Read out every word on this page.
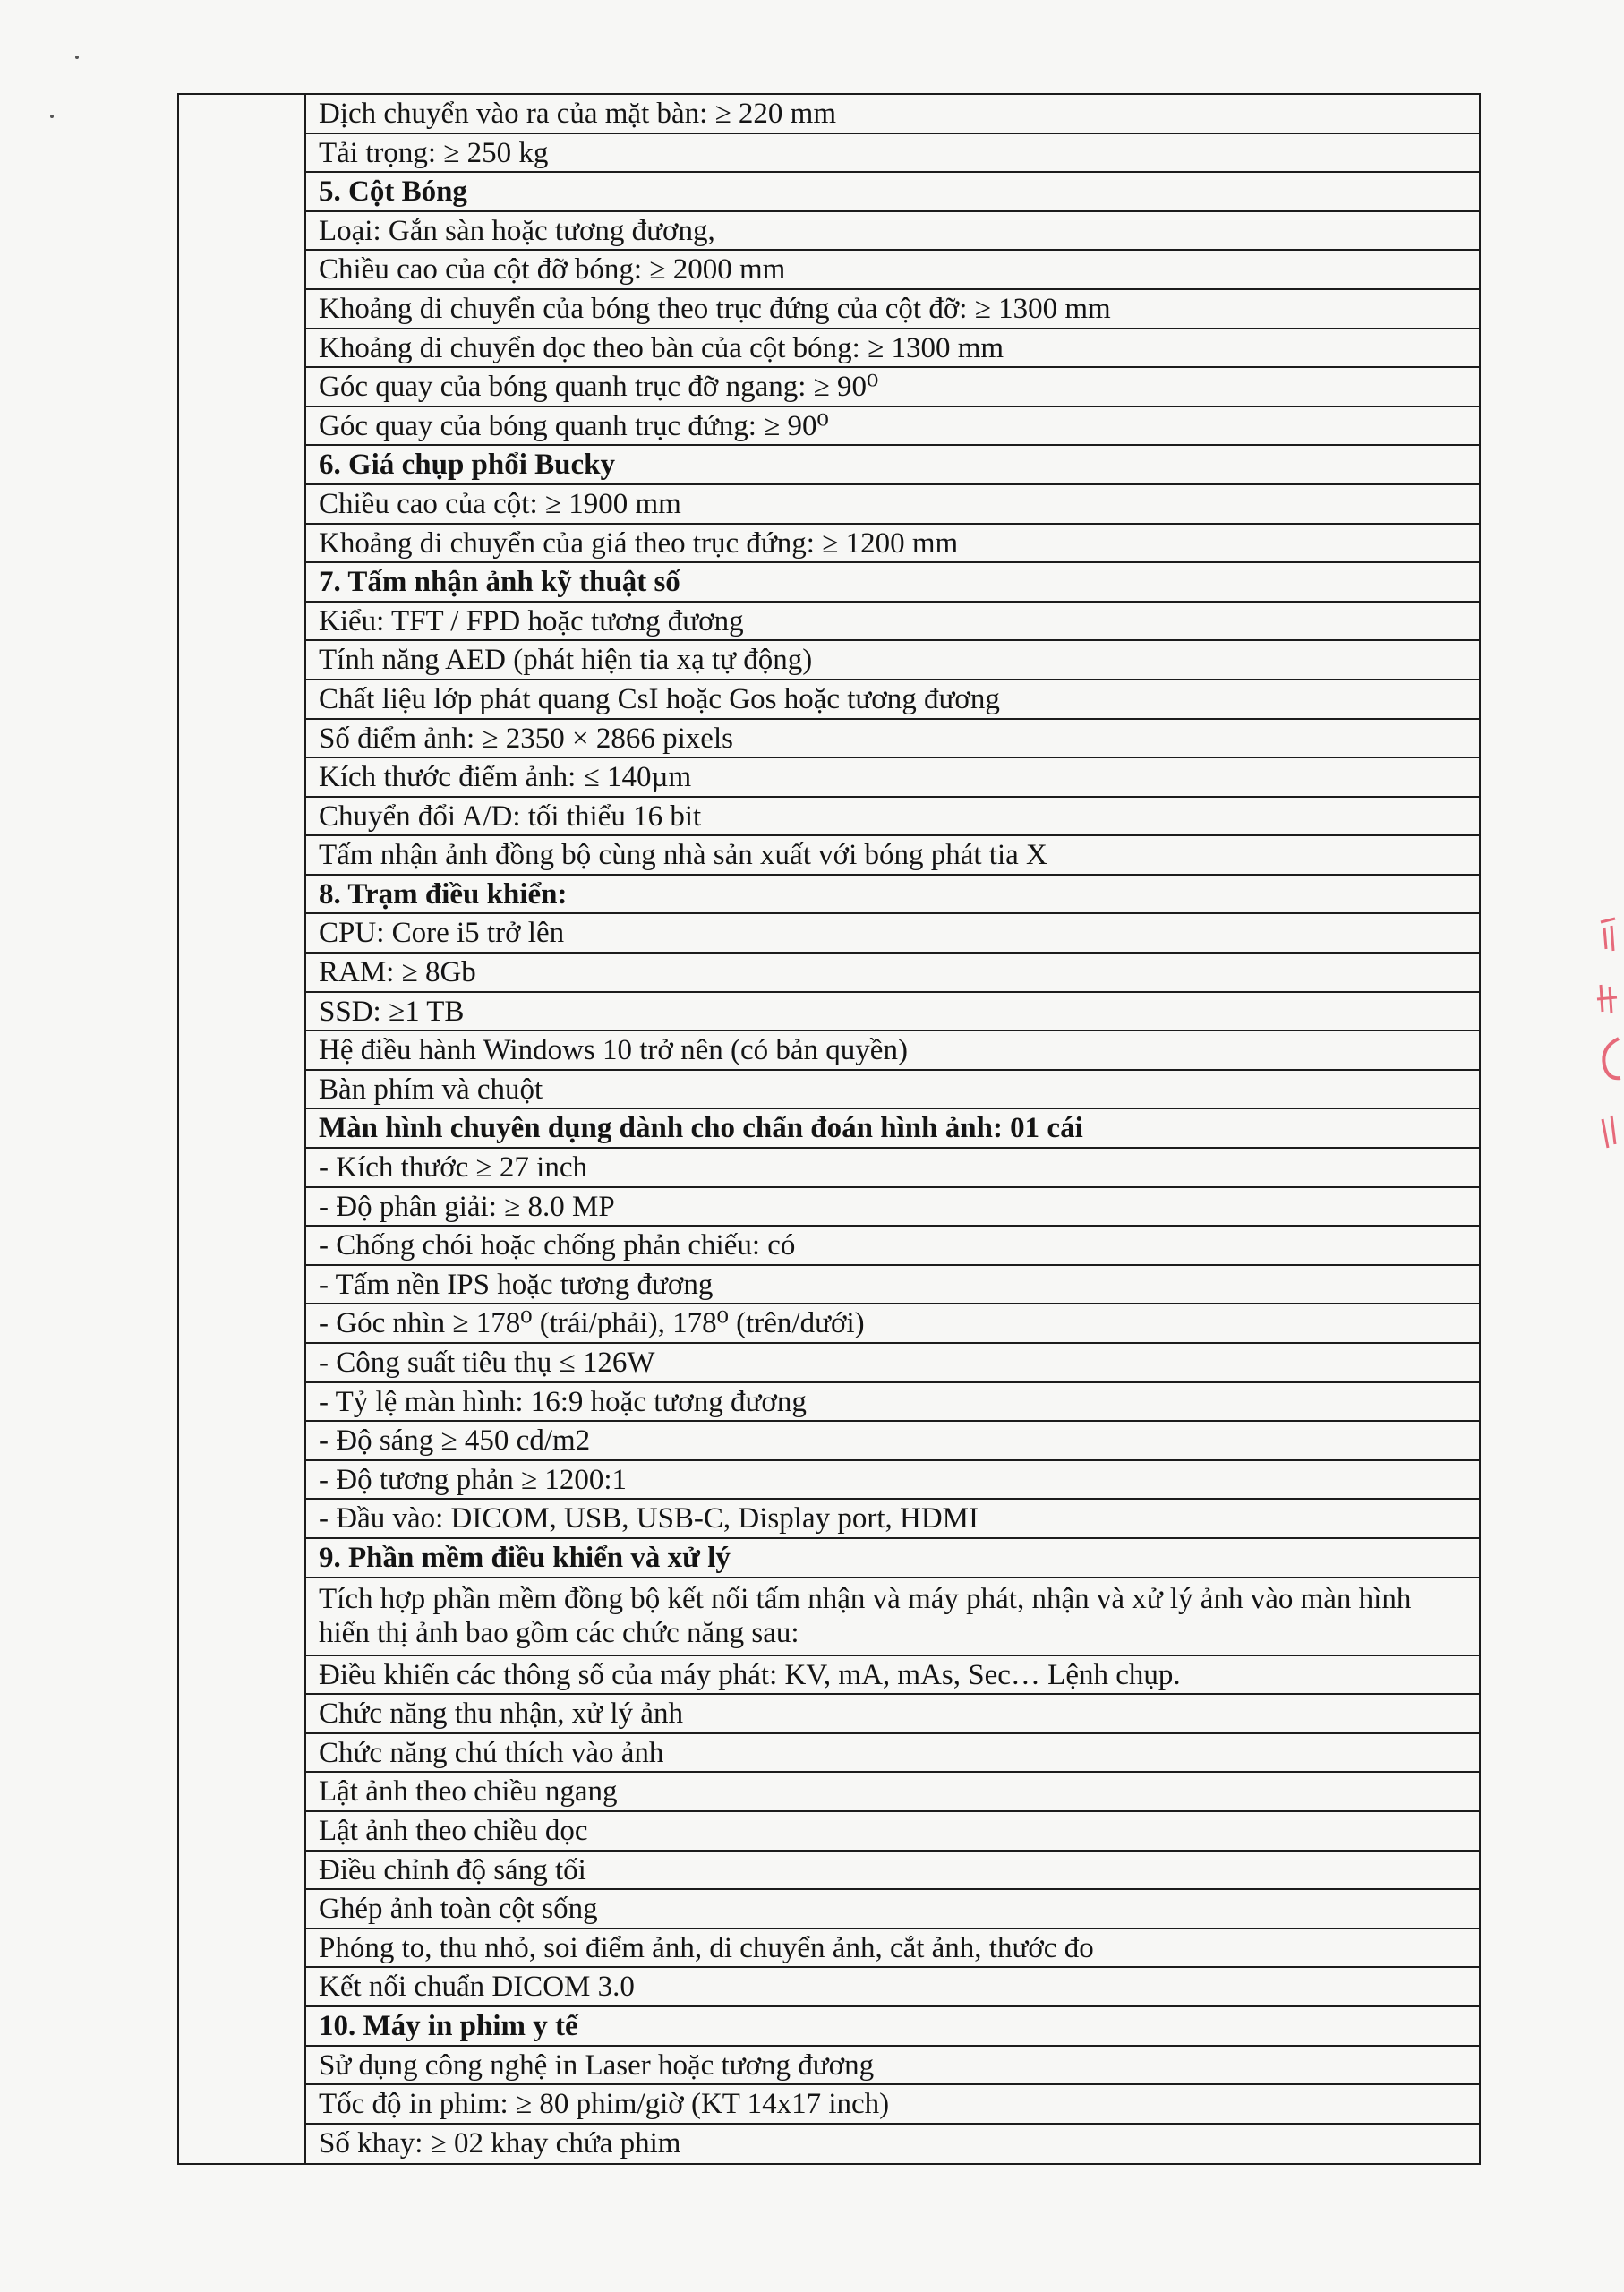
Dịch chuyển vào ra của mặt bàn: ≥ 220 mm
Tải trọng: ≥ 250 kg
5. Cột Bóng
Loại: Gắn sàn hoặc tương đương,
Chiều cao của cột đỡ bóng: ≥ 2000 mm
Khoảng di chuyển của bóng theo trục đứng của cột đỡ: ≥ 1300 mm
Khoảng di chuyển dọc theo bàn của cột bóng: ≥ 1300 mm
Góc quay của bóng quanh trục đỡ ngang: ≥ 90⁰
Góc quay của bóng quanh trục đứng: ≥ 90⁰
6. Giá chụp phổi Bucky
Chiều cao của cột: ≥ 1900 mm
Khoảng di chuyển của giá theo trục đứng: ≥ 1200 mm
7. Tấm nhận ảnh kỹ thuật số
Kiểu: TFT / FPD hoặc tương đương
Tính năng AED (phát hiện tia xạ tự động)
Chất liệu lớp phát quang CsI hoặc Gos hoặc tương đương
Số điểm ảnh: ≥ 2350 × 2866 pixels
Kích thước điểm ảnh: ≤ 140µm
Chuyển đổi A/D: tối thiểu 16 bit
Tấm nhận ảnh đồng bộ cùng nhà sản xuất với bóng phát tia X
8. Trạm điều khiển:
CPU: Core i5 trở lên
RAM: ≥ 8Gb
SSD: ≥1 TB
Hệ điều hành Windows 10 trở nên (có bản quyền)
Bàn phím và chuột
Màn hình chuyên dụng dành cho chẩn đoán hình ảnh: 01 cái
- Kích thước ≥ 27 inch
- Độ phân giải: ≥ 8.0 MP
- Chống chói hoặc chống phản chiếu: có
- Tấm nền IPS hoặc tương đương
- Góc nhìn ≥ 178⁰ (trái/phải), 178⁰ (trên/dưới)
- Công suất tiêu thụ ≤ 126W
- Tỷ lệ màn hình: 16:9 hoặc tương đương
- Độ sáng ≥ 450 cd/m2
- Độ tương phản ≥ 1200:1
- Đầu vào: DICOM, USB, USB-C, Display port, HDMI
9. Phần mềm điều khiển và xử lý
Tích hợp phần mềm đồng bộ kết nối tấm nhận và máy phát, nhận và xử lý ảnh vào màn hình hiển thị ảnh bao gồm các chức năng sau:
Điều khiển các thông số của máy phát: KV, mA, mAs, Sec… Lệnh chụp.
Chức năng thu nhận, xử lý ảnh
Chức năng chú thích vào ảnh
Lật ảnh theo chiều ngang
Lật ảnh theo chiều dọc
Điều chỉnh độ sáng tối
Ghép ảnh toàn cột sống
Phóng to, thu nhỏ, soi điểm ảnh, di chuyển ảnh, cắt ảnh, thước đo
Kết nối chuẩn DICOM 3.0
10. Máy in phim y tế
Sử dụng công nghệ in Laser hoặc tương đương
Tốc độ in phim: ≥ 80 phim/giờ (KT 14x17 inch)
Số khay: ≥ 02 khay chứa phim
